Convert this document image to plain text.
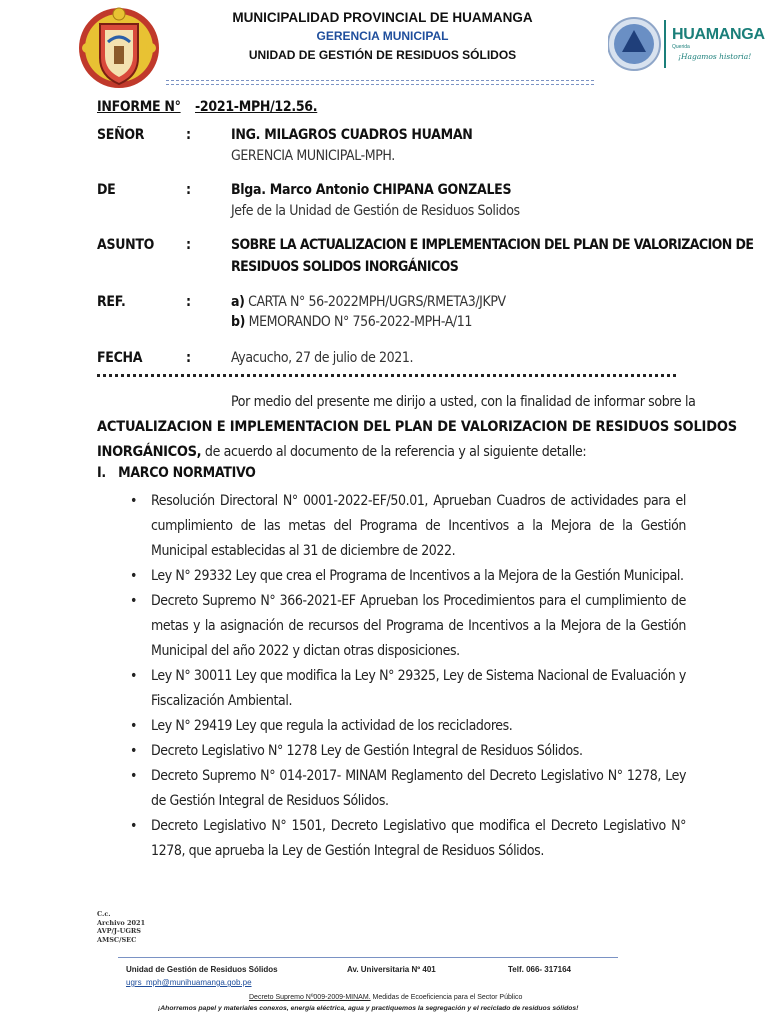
MUNICIPALIDAD PROVINCIAL DE HUAMANGA
GERENCIA MUNICIPAL
UNIDAD DE GESTIÓN DE RESIDUOS SÓLIDOS
HUAMANGA
Querida
¡Hagamos historia!
INFORME N° -2021-MPH/12.56.
SEÑOR	:	ING. MILAGROS CUADROS HUAMAN
GERENCIA MUNICIPAL-MPH.
DE	:	Blga. Marco Antonio CHIPANA GONZALES
Jefe de la Unidad de Gestión de Residuos Solidos
ASUNTO :	SOBRE LA ACTUALIZACION E IMPLEMENTACION DEL PLAN DE VALORIZACION DE
RESIDUOS SOLIDOS INORGÁNICOS
REF.	:	a) CARTA N° 56-2022MPH/UGRS/RMETA3/JKPV
b) MEMORANDO N° 756-2022-MPH-A/11
FECHA	:	Ayacucho, 27 de julio de 2021.
Por medio del presente me dirijo a usted, con la finalidad de informar sobre la
ACTUALIZACION E IMPLEMENTACION DEL PLAN DE VALORIZACION DE RESIDUOS SOLIDOS
INORGÁNICOS, de acuerdo al documento de la referencia y al siguiente detalle:
I.   MARCO NORMATIVO
• Resolución Directoral N° 0001-2022-EF/50.01, Aprueban Cuadros de actividades para el cumplimiento de las metas del Programa de Incentivos a la Mejora de la Gestión Municipal establecidas al 31 de diciembre de 2022.
• Ley N° 29332 Ley que crea el Programa de Incentivos a la Mejora de la Gestión Municipal.
• Decreto Supremo N° 366-2021-EF Aprueban los Procedimientos para el cumplimiento de metas y la asignación de recursos del Programa de Incentivos a la Mejora de la Gestión Municipal del año 2022 y dictan otras disposiciones.
• Ley N° 30011 Ley que modifica la Ley N° 29325, Ley de Sistema Nacional de Evaluación y Fiscalización Ambiental.
• Ley N° 29419 Ley que regula la actividad de los recicladores.
• Decreto Legislativo N° 1278 Ley de Gestión Integral de Residuos Sólidos.
• Decreto Supremo N° 014-2017- MINAM Reglamento del Decreto Legislativo N° 1278, Ley de Gestión Integral de Residuos Sólidos.
• Decreto Legislativo N° 1501, Decreto Legislativo que modifica el Decreto Legislativo N° 1278, que aprueba la Ley de Gestión Integral de Residuos Sólidos.
C.c.
Archivo 2021
AVP/J-UGRS
AMSC/SEC
Unidad de Gestión de Residuos Sólidos	Av. Universitaria Nº 401	Telf. 066- 317164
ugrs_mph@munihuamanga.gob.pe
Decreto Supremo Nº009-2009-MINAM. Medidas de Ecoeficiencia para el Sector Público
¡Ahorremos papel y materiales conexos, energía eléctrica, agua y practiquemos la segregación y el reciclado de residuos sólidos!
